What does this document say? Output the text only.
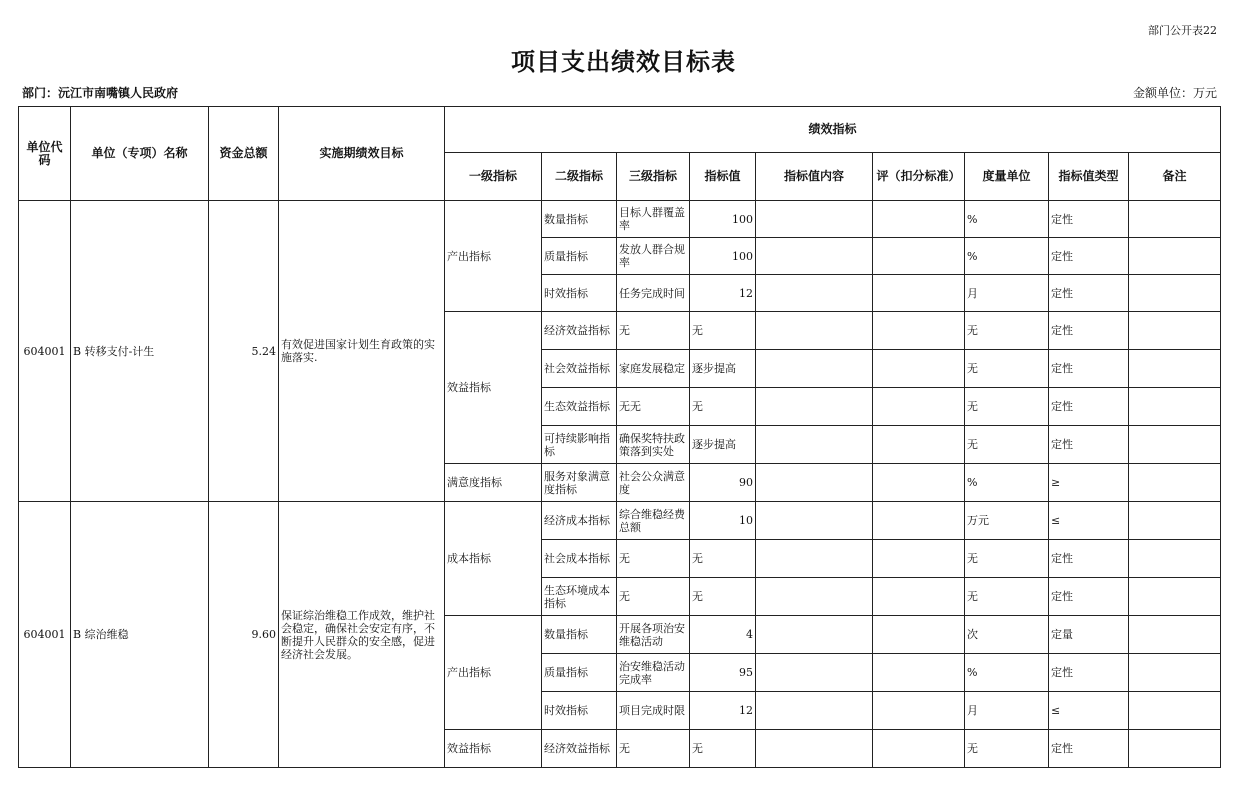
部门公开表22
项目支出绩效目标表
部门：沅江市南嘴镇人民政府	金额单位：万元
单位代码	单位（专项）名称	资金总额	实施期绩效目标	绩效指标								
				一级指标	二级指标	三级指标	指标值	指标值内容	评（扣分标准）	度量单位	指标值类型	备注
604001	B 转移支付-计生	5.24	有效促进国家计划生育政策的实施落实.	产出指标	数量指标	目标人群覆盖率	100			%	定性	
					质量指标	发放人群合规率	100			%	定性	
					时效指标	任务完成时间	12			月	定性	
				效益指标	经济效益指标	无	无			无	定性	
					社会效益指标	家庭发展稳定	逐步提高			无	定性	
					生态效益指标	无无	无			无	定性	
					可持续影响指标	确保奖特扶政策落到实处	逐步提高			无	定性	
				满意度指标	服务对象满意度指标	社会公众满意度	90			%	≥	
604001	B 综治维稳	9.60	保证综治维稳工作成效，维护社会稳定，确保社会安定有序，不断提升人民群众的安全感，促进经济社会发展。	成本指标	经济成本指标	综合维稳经费总额	10			万元	≤	
					社会成本指标	无	无			无	定性	
					生态环境成本指标	无	无			无	定性	
				产出指标	数量指标	开展各项治安维稳活动	4			次	定量	
					质量指标	治安维稳活动完成率	95			%	定性	
					时效指标	项目完成时限	12			月	≤	
				效益指标	经济效益指标	无	无			无	定性	
